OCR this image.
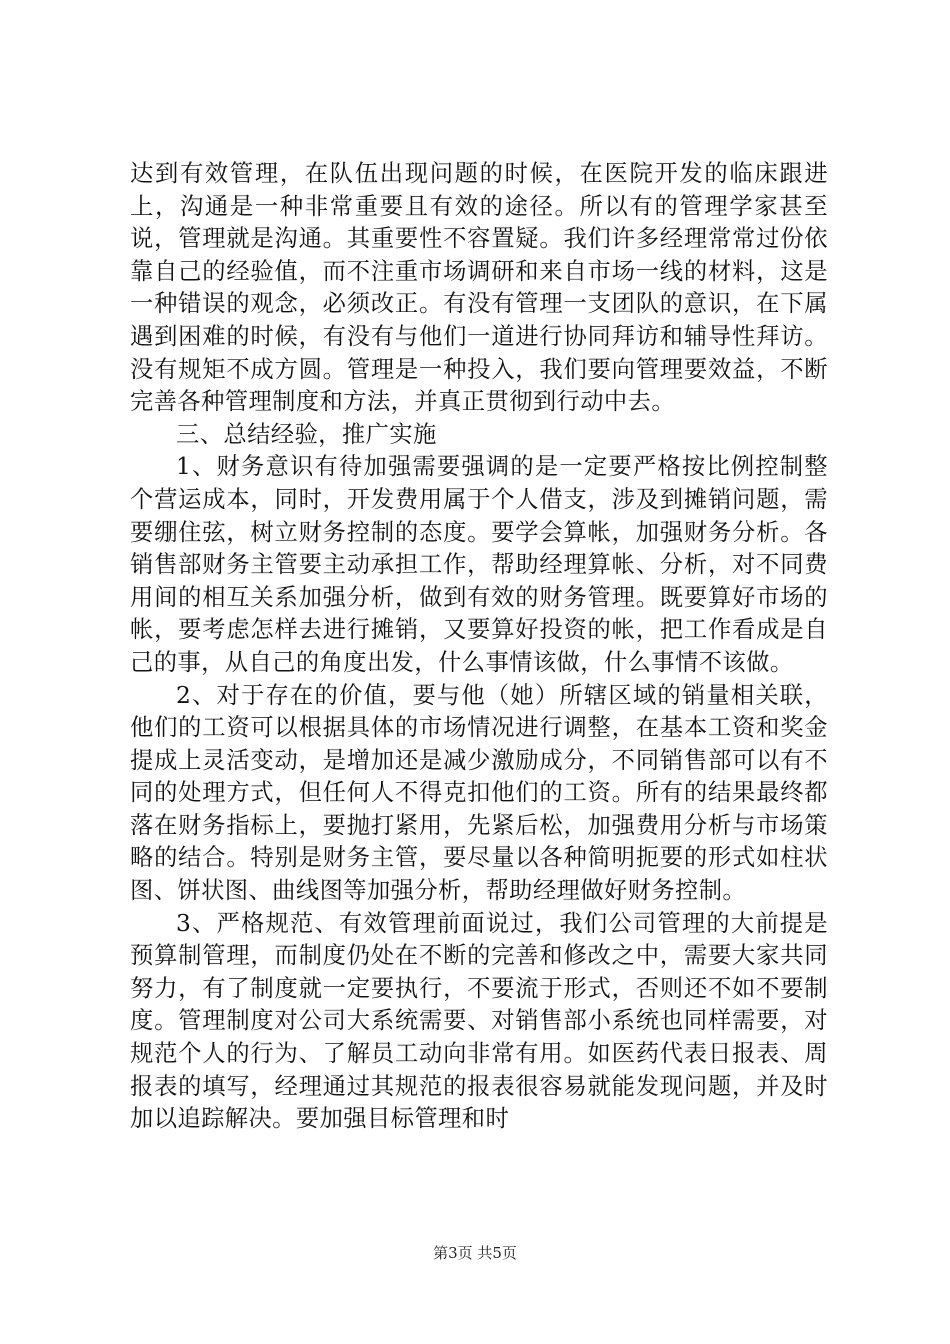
达到有效管理，在队伍出现问题的时候，在医院开发的临床跟进上，沟通是一种非常重要且有效的途径。所以有的管理学家甚至说，管理就是沟通。其重要性不容置疑。我们许多经理常常过份依靠自己的经验值，而不注重市场调研和来自市场一线的材料，这是一种错误的观念，必须改正。有没有管理一支团队的意识，在下属遇到困难的时候，有没有与他们一道进行协同拜访和辅导性拜访。没有规矩不成方圆。管理是一种投入，我们要向管理要效益，不断完善各种管理制度和方法，并真正贯彻到行动中去。

三、总结经验，推广实施

1、财务意识有待加强需要强调的是一定要严格按比例控制整个营运成本，同时，开发费用属于个人借支，涉及到摊销问题，需要绷住弦，树立财务控制的态度。要学会算帐，加强财务分析。各销售部财务主管要主动承担工作，帮助经理算帐、分析，对不同费用间的相互关系加强分析，做到有效的财务管理。既要算好市场的帐，要考虑怎样去进行摊销，又要算好投资的帐，把工作看成是自己的事，从自己的角度出发，什么事情该做，什么事情不该做。

2、对于存在的价值，要与他（她）所辖区域的销量相关联，他们的工资可以根据具体的市场情况进行调整，在基本工资和奖金提成上灵活变动，是增加还是减少激励成分，不同销售部可以有不同的处理方式，但任何人不得克扣他们的工资。所有的结果最终都落在财务指标上，要抛打紧用，先紧后松，加强费用分析与市场策略的结合。特别是财务主管，要尽量以各种简明扼要的形式如柱状图、饼状图、曲线图等加强分析，帮助经理做好财务控制。

3、严格规范、有效管理前面说过，我们公司管理的大前提是预算制管理，而制度仍处在不断的完善和修改之中，需要大家共同努力，有了制度就一定要执行，不要流于形式，否则还不如不要制度。管理制度对公司大系统需要、对销售部小系统也同样需要，对规范个人的行为、了解员工动向非常有用。如医药代表日报表、周报表的填写，经理通过其规范的报表很容易就能发现问题，并及时加以追踪解决。要加强目标管理和时

第3页 共5页
